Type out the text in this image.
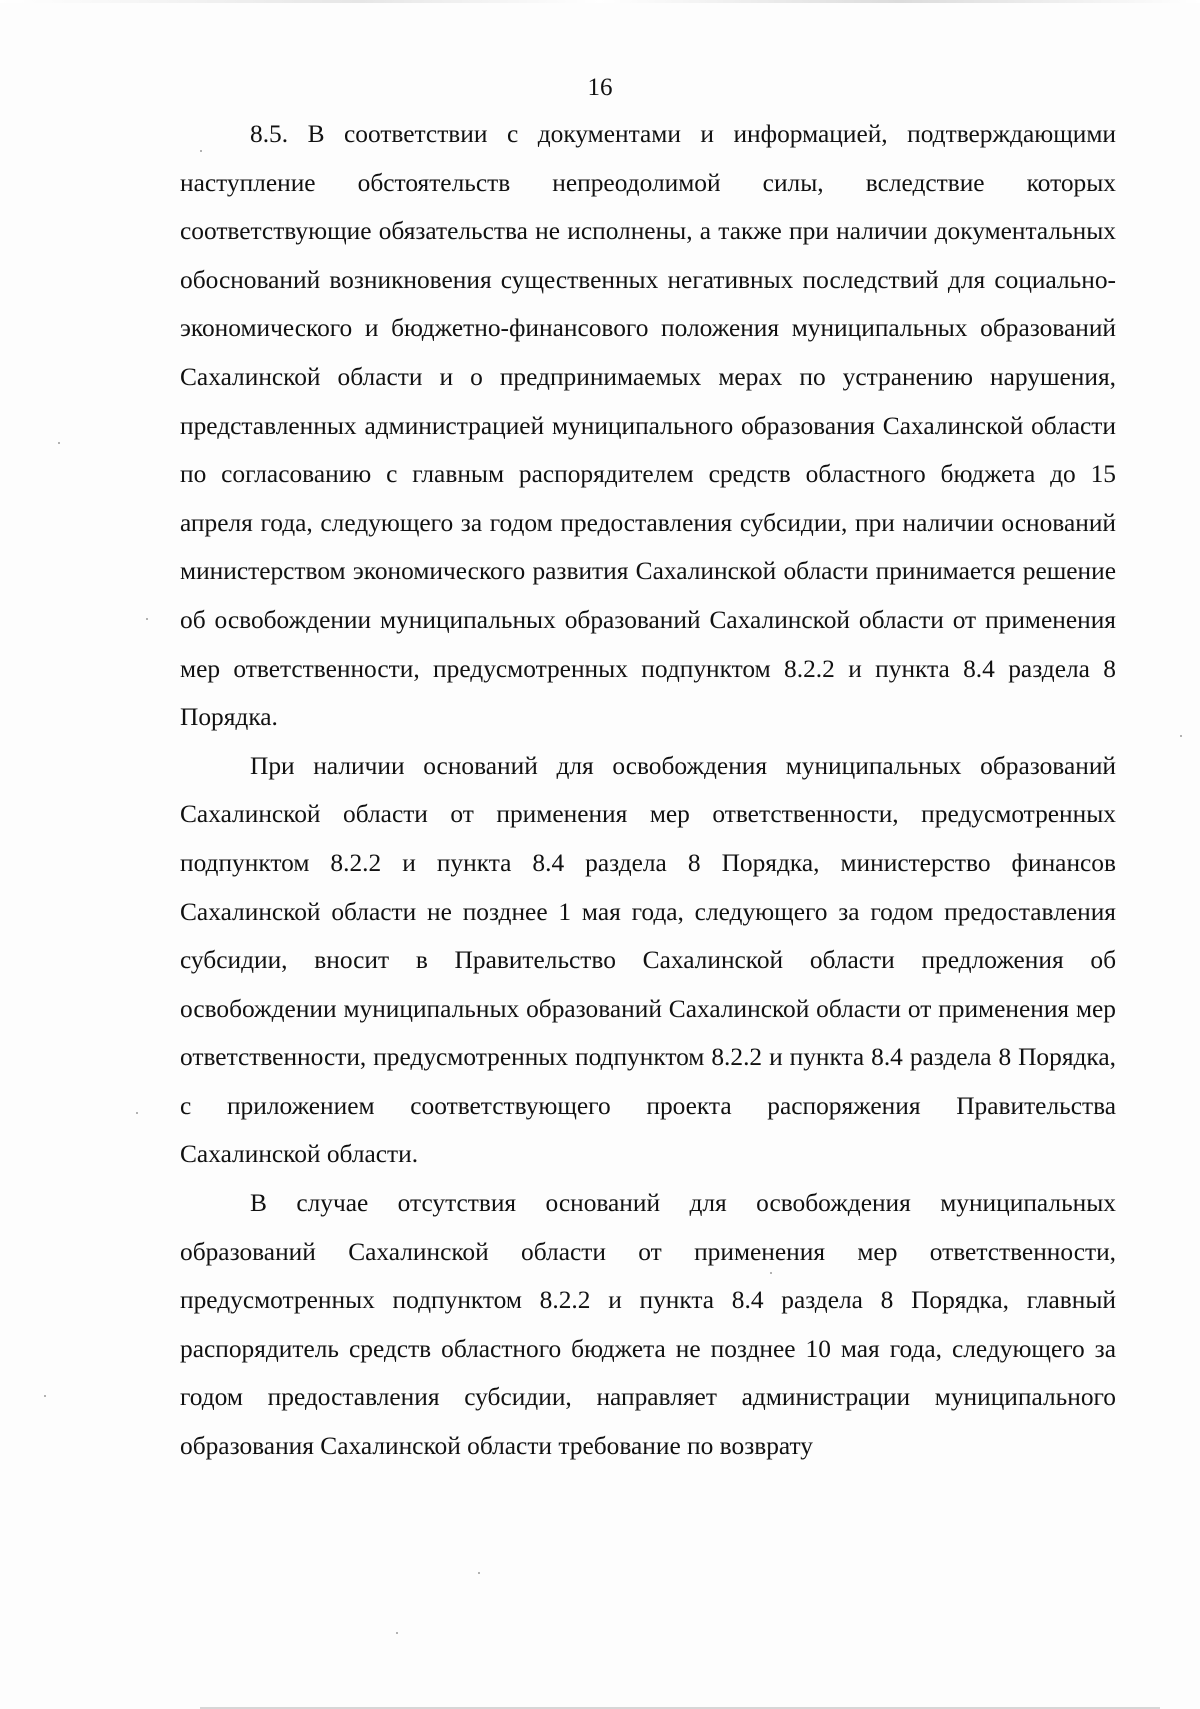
16

8.5. В соответствии с документами и информацией, подтверждающими наступление обстоятельств непреодолимой силы, вследствие которых соответствующие обязательства не исполнены, а также при наличии документальных обоснований возникновения существенных негативных последствий для социально-экономического и бюджетно-финансового положения муниципальных образований Сахалинской области и о предпринимаемых мерах по устранению нарушения, представленных администрацией муниципального образования Сахалинской области по согласованию с главным распорядителем средств областного бюджета до 15 апреля года, следующего за годом предоставления субсидии, при наличии оснований министерством экономического развития Сахалинской области принимается решение об освобождении муниципальных образований Сахалинской области от применения мер ответственности, предусмотренных подпунктом 8.2.2 и пункта 8.4 раздела 8 Порядка.

При наличии оснований для освобождения муниципальных образований Сахалинской области от применения мер ответственности, предусмотренных подпунктом 8.2.2 и пункта 8.4 раздела 8 Порядка, министерство финансов Сахалинской области не позднее 1 мая года, следующего за годом предоставления субсидии, вносит в Правительство Сахалинской области предложения об освобождении муниципальных образований Сахалинской области от применения мер ответственности, предусмотренных подпунктом 8.2.2 и пункта 8.4 раздела 8 Порядка, с приложением соответствующего проекта распоряжения Правительства Сахалинской области.

В случае отсутствия оснований для освобождения муниципальных образований Сахалинской области от применения мер ответственности, предусмотренных подпунктом 8.2.2 и пункта 8.4 раздела 8 Порядка, главный распорядитель средств областного бюджета не позднее 10 мая года, следующего за годом предоставления субсидии, направляет администрации муниципального образования Сахалинской области требование по возврату
